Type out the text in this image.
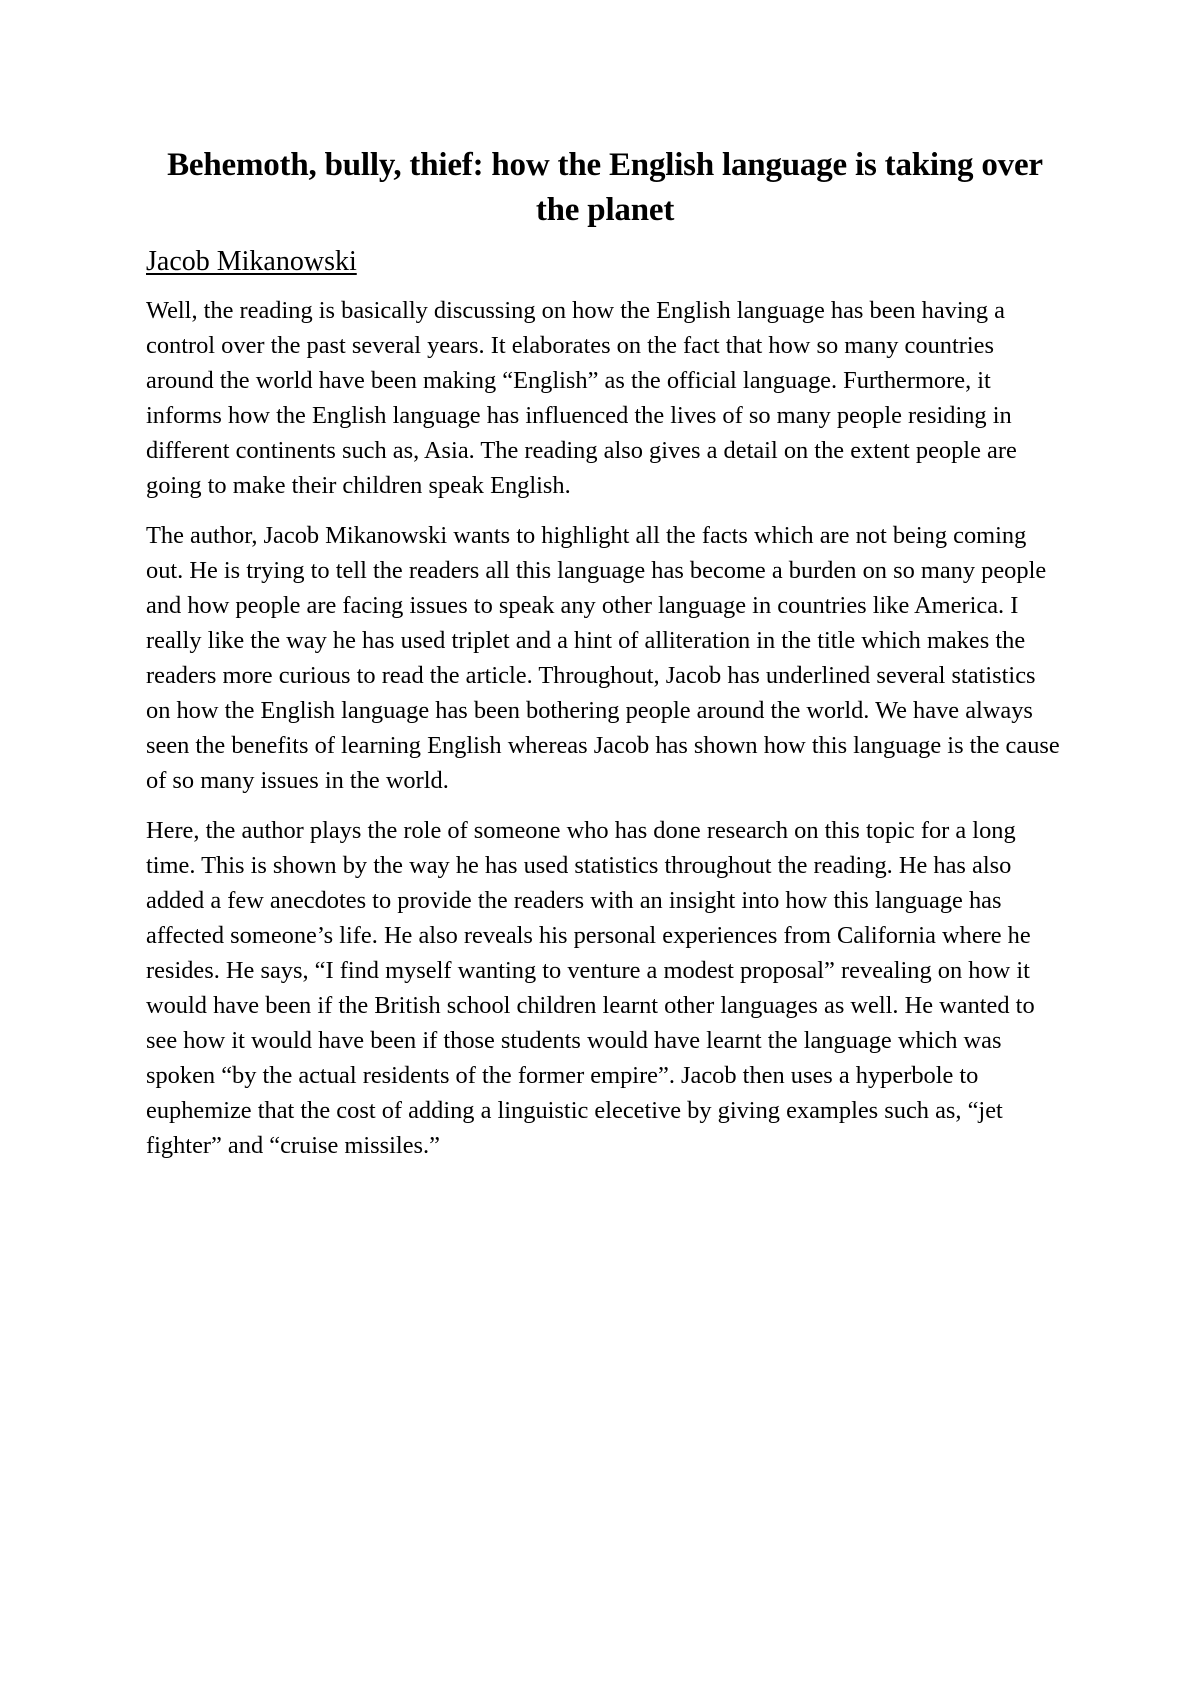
Behemoth, bully, thief: how the English language is taking over the planet

Jacob Mikanowski

Well, the reading is basically discussing on how the English language has been having a control over the past several years. It elaborates on the fact that how so many countries around the world have been making “English” as the official language. Furthermore, it informs how the English language has influenced the lives of so many people residing in different continents such as, Asia. The reading also gives a detail on the extent people are going to make their children speak English.

The author, Jacob Mikanowski wants to highlight all the facts which are not being coming out. He is trying to tell the readers all this language has become a burden on so many people and how people are facing issues to speak any other language in countries like America. I really like the way he has used triplet and a hint of alliteration in the title which makes the readers more curious to read the article. Throughout, Jacob has underlined several statistics on how the English language has been bothering people around the world. We have always seen the benefits of learning English whereas Jacob has shown how this language is the cause of so many issues in the world.

Here, the author plays the role of someone who has done research on this topic for a long time. This is shown by the way he has used statistics throughout the reading. He has also added a few anecdotes to provide the readers with an insight into how this language has affected someone’s life. He also reveals his personal experiences from California where he resides. He says, “I find myself wanting to venture a modest proposal” revealing on how it would have been if the British school children learnt other languages as well. He wanted to see how it would have been if those students would have learnt the language which was spoken “by the actual residents of the former empire”. Jacob then uses a hyperbole to euphemize that the cost of adding a linguistic elecetive by giving examples such as, “jet fighter” and “cruise missiles.”
